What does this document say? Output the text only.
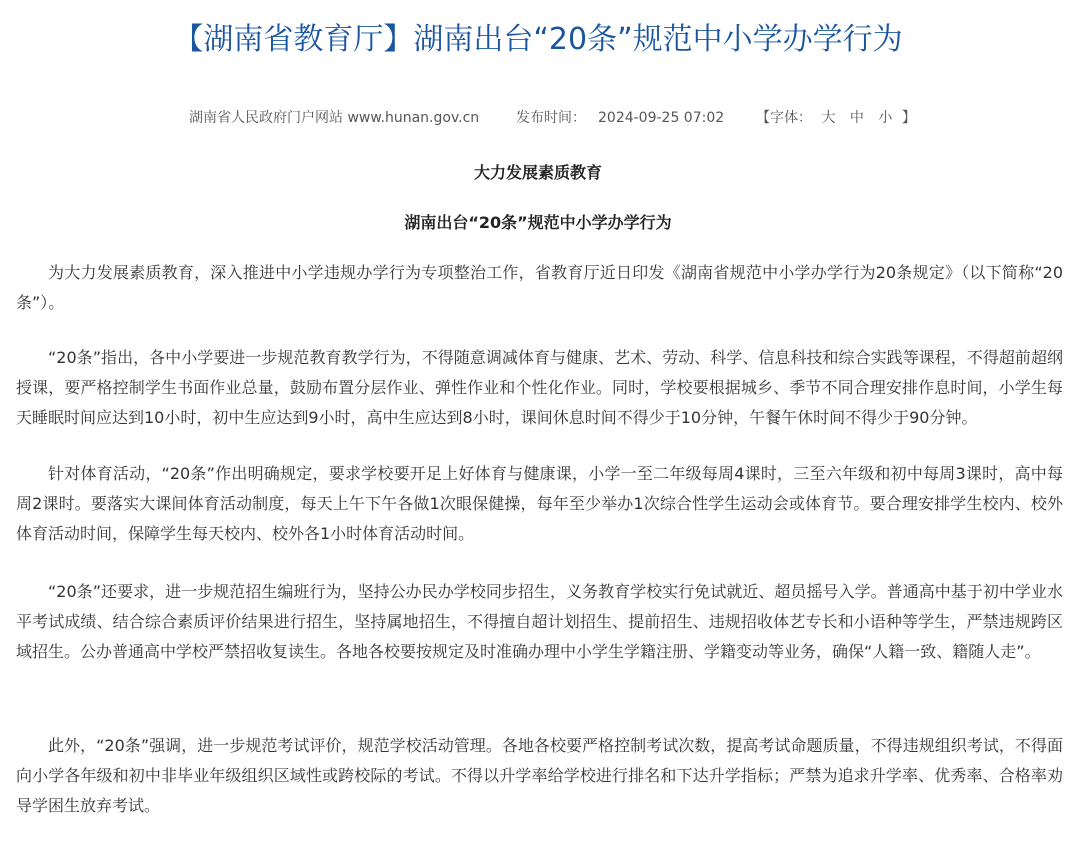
【湖南省教育厅】湖南出台“20条”规范中小学办学行为
湖南省人民政府门户网站 www.hunan.gov.cn	发布时间： 2024-09-25 07:02 【字体： 大 中 小 】
大力发展素质教育
湖南出台“20条”规范中小学办学行为

为大力发展素质教育，深入推进中小学违规办学行为专项整治工作，省教育厅近日印发《湖南省规范中小学办学行为20条规定》（以下简称“20条”）。

“20条”指出，各中小学要进一步规范教育教学行为，不得随意调减体育与健康、艺术、劳动、科学、信息科技和综合实践等课程，不得超前超纲授课，要严格控制学生书面作业总量，鼓励布置分层作业、弹性作业和个性化作业。同时，学校要根据城乡、季节不同合理安排作息时间，小学生每天睡眠时间应达到10小时，初中生应达到9小时，高中生应达到8小时，课间休息时间不得少于10分钟，午餐午休时间不得少于90分钟。

针对体育活动，“20条”作出明确规定，要求学校要开足上好体育与健康课，小学一至二年级每周4课时，三至六年级和初中每周3课时，高中每周2课时。要落实大课间体育活动制度，每天上午下午各做1次眼保健操，每年至少举办1次综合性学生运动会或体育节。要合理安排学生校内、校外体育活动时间，保障学生每天校内、校外各1小时体育活动时间。

“20条”还要求，进一步规范招生编班行为，坚持公办民办学校同步招生，义务教育学校实行免试就近、超员摇号入学。普通高中基于初中学业水平考试成绩、结合综合素质评价结果进行招生，坚持属地招生，不得擅自超计划招生、提前招生、违规招收体艺专长和小语种等学生，严禁违规跨区域招生。公办普通高中学校严禁招收复读生。各地各校要按规定及时准确办理中小学生学籍注册、学籍变动等业务，确保“人籍一致、籍随人走”。

此外，“20条”强调，进一步规范考试评价，规范学校活动管理。各地各校要严格控制考试次数，提高考试命题质量，不得违规组织考试，不得面向小学各年级和初中非毕业年级组织区域性或跨校际的考试。不得以升学率给学校进行排名和下达升学指标；严禁为追求升学率、优秀率、合格率劝导学困生放弃考试。
